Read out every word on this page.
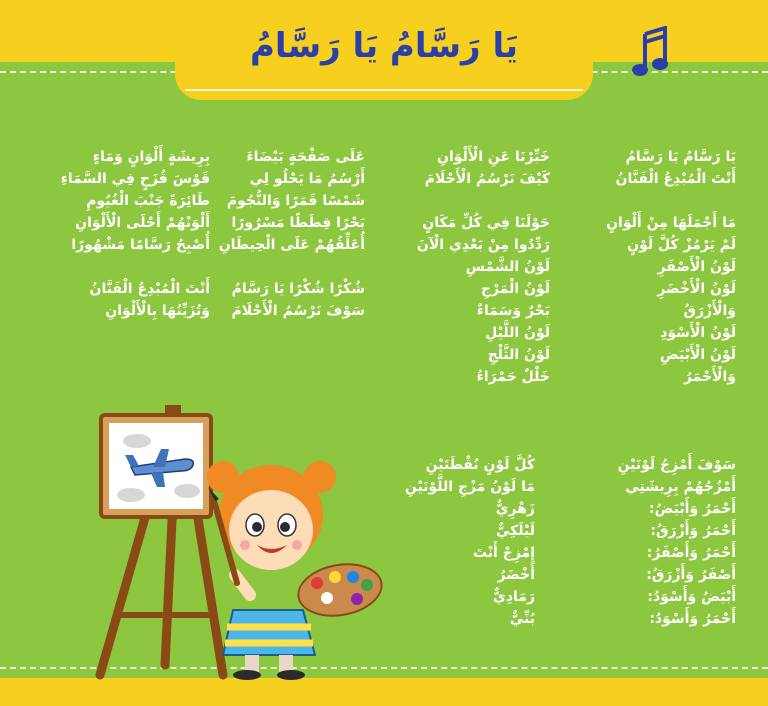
يَا رَسَّامُ يَا رَسَّامُ
يَا رَسَّامُ يَا رَسَّامُ
أَنْتَ الْمُبْدِعُ الْفَنَّانُ
مَا أَجْمَلَهَا مِنْ أَلْوَانٍ
لَمْ يَرْمُزْ كُلَّ لَوْنٍ
لَوْنُ الْأَصْفَرِ
لَوْنُ الْأَخْضَرِ
وَالْأَزْرَقُ
لَوْنُ الْأَسْوَدِ
لَوْنُ الْأَبْيَضِ
وَالْأَحْمَرُ
خَبِّرْنَا عَنِ الْأَلْوَانِ
كَيْفَ نَرْسُمُ الْأَحْلَامَ
حَوْلَنَا فِي كُلِّ مَكَانٍ
رَدِّدُوا مِنْ بَعْدِي الْآنَ
لَوْنُ الشَّمْسِ
لَوْنُ الْمَرْجِ
بَحْرٌ وَسَمَاءٌ
لَوْنُ اللَّيْلِ
لَوْنُ الثَّلْجِ
خَلْلٌ حَمْرَاءُ
عَلَى صَفْحَةٍ بَيْضَاءَ
أَرْسُمُ مَا يَحْلُو لِي
شَمْسًا قَمَرًا وَالنُّجُومَ
بَحْرًا قِطَطًا مَسْرُورًا
أُعَلِّقُهُمْ عَلَى الْحِيطَانِ
شُكْرًا شُكْرًا يَا رَسَّامُ
سَوْفَ نَرْسُمُ الْأَحْلَامَ
بِرِيشَةٍ أَلْوَانٍ وَمَاءٍ
قَوْسَ قُزَحٍ فِي السَّمَاءِ
طَائِرَةً جَنْبَ الْغُيُومِ
أَلْوَنْهُمْ أَحْلَى الْأَلْوَانِ
أُصْبِحُ رَسَّامًا مَشْهُورًا
أَنْتَ الْمُبْدِعُ الْفَنَّانُ
وَتُزَيِّنُهَا بِالْأَلْوَانِ
سَوْفَ أَمْزِجُ لَوْنَيْنِ
أَمْزُجُهُمْ بِرِيشَتِي
أَحْمَرُ وَأَبْيَضُ:
أَحْمَرُ وَأَزْرَقُ:
أَحْمَرُ وَأَصْفَرُ:
أَصْفَرُ وَأَزْرَقُ:
أَبْيَضُ وَأَسْوَدُ:
أَحْمَرُ وَأَسْوَدُ:
كُلَّ لَوْنٍ نُقْطَتَيْنِ
مَا لَوْنُ مَزْجِ اللَّوْنَيْنِ
زَهْرِيٌّ
لَيْلَكِيٌّ
إِمْزِجْ أَنْتَ
أَخْضَرُ
رَمَادِيٌّ
بُنِّيٌّ
